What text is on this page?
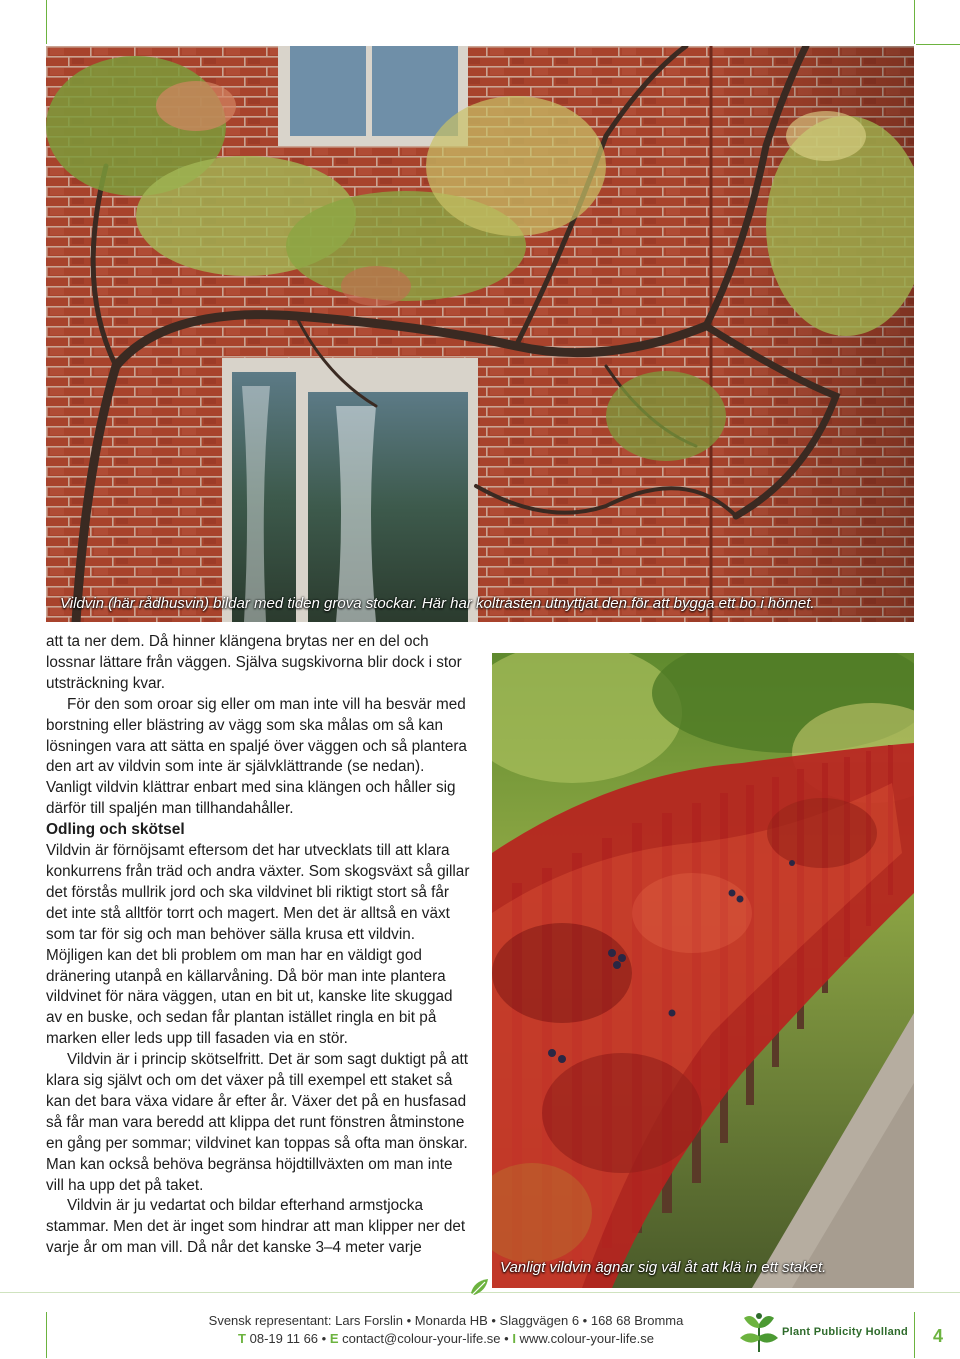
Vildvin (här rådhusvin) bildar med tiden grova stockar. Här har koltrasten utnyttjat den för att bygga ett bo i hörnet.

att ta ner dem. Då hinner klängena brytas ner en del och lossnar lättare från väggen. Själva sugskivorna blir dock i stor utsträckning kvar.

För den som oroar sig eller om man inte vill ha besvär med borstning eller blästring av vägg som ska målas om så kan lösningen vara att sätta en spaljé över väggen och så plantera den art av vildvin som inte är självklättrande (se nedan). Vanligt vildvin klättrar enbart med sina klängen och håller sig därför till spaljén man tillhandahåller.

Odling och skötsel

Vildvin är förnöjsamt eftersom det har utvecklats till att klara konkurrens från träd och andra växter. Som skogsväxt så gillar det förstås mullrik jord och ska vildvinet bli riktigt stort så får det inte stå alltför torrt och magert. Men det är alltså en växt som tar för sig och man behöver sälla krusa ett vildvin. Möjligen kan det bli problem om man har en väldigt god dränering utanpå en källarvåning. Då bör man inte plantera vildvinet för nära väggen, utan en bit ut, kanske lite skuggad av en buske, och sedan får plantan istället ringla en bit på marken eller leds upp till fasaden via en stör.

Vildvin är i princip skötselfritt. Det är som sagt duktigt på att klara sig självt och om det växer på till exempel ett staket så kan det bara växa vidare år efter år. Växer det på en husfasad så får man vara beredd att klippa det runt fönstren åtminstone en gång per sommar; vildvinet kan toppas så ofta man önskar. Man kan också behöva begränsa höjdtillväxten om man inte vill ha upp det på taket.

Vildvin är ju vedartat och bildar efterhand armstjocka stammar. Men det är inget som hindrar att man klipper ner det varje år om man vill. Då når det kanske 3–4 meter varje

Vanligt vildvin ägnar sig väl åt att klä in ett staket.
Svensk representant: Lars Forslin • Monarda HB • Slaggvägen 6 • 168 68 Bromma
T 08-19 11 66 • E contact@colour-your-life.se • I www.colour-your-life.se	Plant Publicity Holland 4
